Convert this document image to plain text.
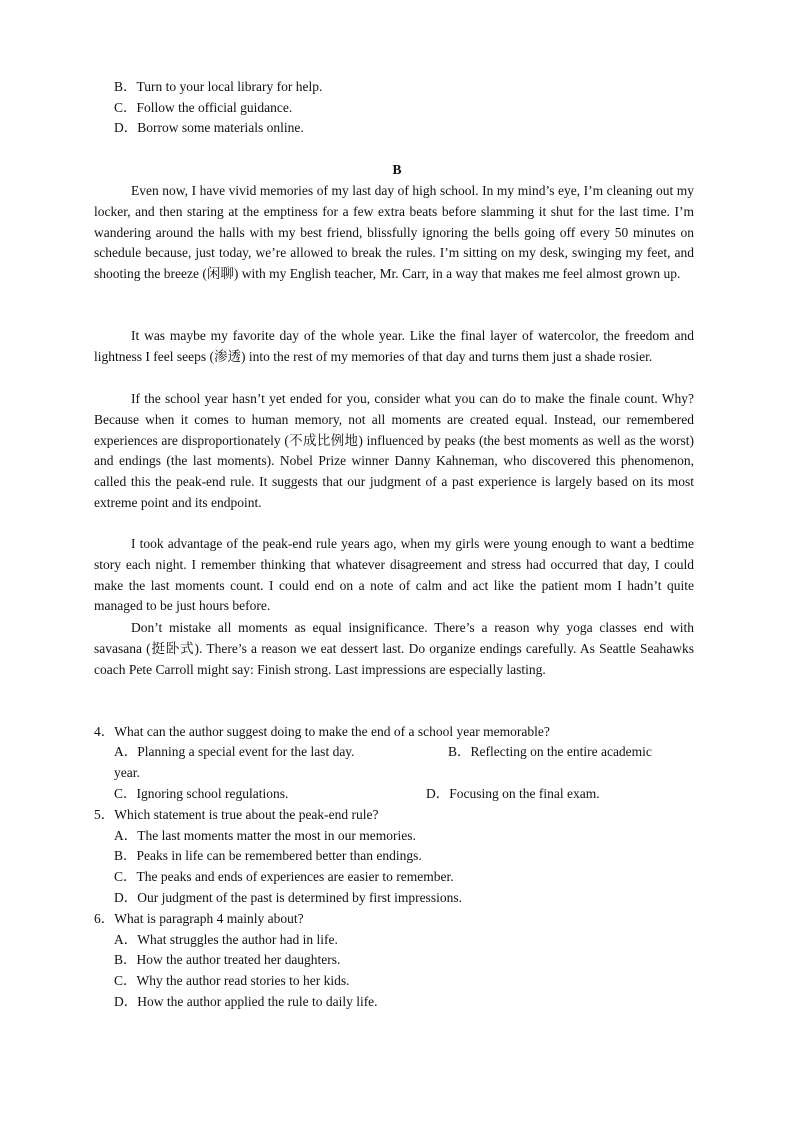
B．Turn to your local library for help.
C．Follow the official guidance.
D．Borrow some materials online.
B

Even now, I have vivid memories of my last day of high school. In my mind’s eye, I’m cleaning out my locker, and then staring at the emptiness for a few extra beats before slamming it shut for the last time. I’m wandering around the halls with my best friend, blissfully ignoring the bells going off every 50 minutes on schedule because, just today, we’re allowed to break the rules. I’m sitting on my desk, swinging my feet, and shooting the breeze (闲聊) with my English teacher, Mr. Carr, in a way that makes me feel almost grown up.

It was maybe my favorite day of the whole year. Like the final layer of watercolor, the freedom and lightness I feel seeps (渗透) into the rest of my memories of that day and turns them just a shade rosier.

If the school year hasn’t yet ended for you, consider what you can do to make the finale count. Why? Because when it comes to human memory, not all moments are created equal. Instead, our remembered experiences are disproportionately (不成比例地) influenced by peaks (the best moments as well as the worst) and endings (the last moments). Nobel Prize winner Danny Kahneman, who discovered this phenomenon, called this the peak-end rule. It suggests that our judgment of a past experience is largely based on its most extreme point and its endpoint.

I took advantage of the peak-end rule years ago, when my girls were young enough to want a bedtime story each night. I remember thinking that whatever disagreement and stress had occurred that day, I could make the last moments count. I could end on a note of calm and act like the patient mom I hadn’t quite managed to be just hours before.

Don’t mistake all moments as equal insignificance. There’s a reason why yoga classes end with savasana (挺卧式). There’s a reason we eat dessert last. Do organize endings carefully. As Seattle Seahawks coach Pete Carroll might say: Finish strong. Last impressions are especially lasting.

4．What can the author suggest doing to make the end of a school year memorable?
A．Planning a special event for the last day.	B．Reflecting on the entire academic
year.
C．Ignoring school regulations.	D．Focusing on the final exam.
5．Which statement is true about the peak-end rule?
A．The last moments matter the most in our memories.
B．Peaks in life can be remembered better than endings.
C．The peaks and ends of experiences are easier to remember.
D．Our judgment of the past is determined by first impressions.
6．What is paragraph 4 mainly about?
A．What struggles the author had in life.
B．How the author treated her daughters.
C．Why the author read stories to her kids.
D．How the author applied the rule to daily life.
